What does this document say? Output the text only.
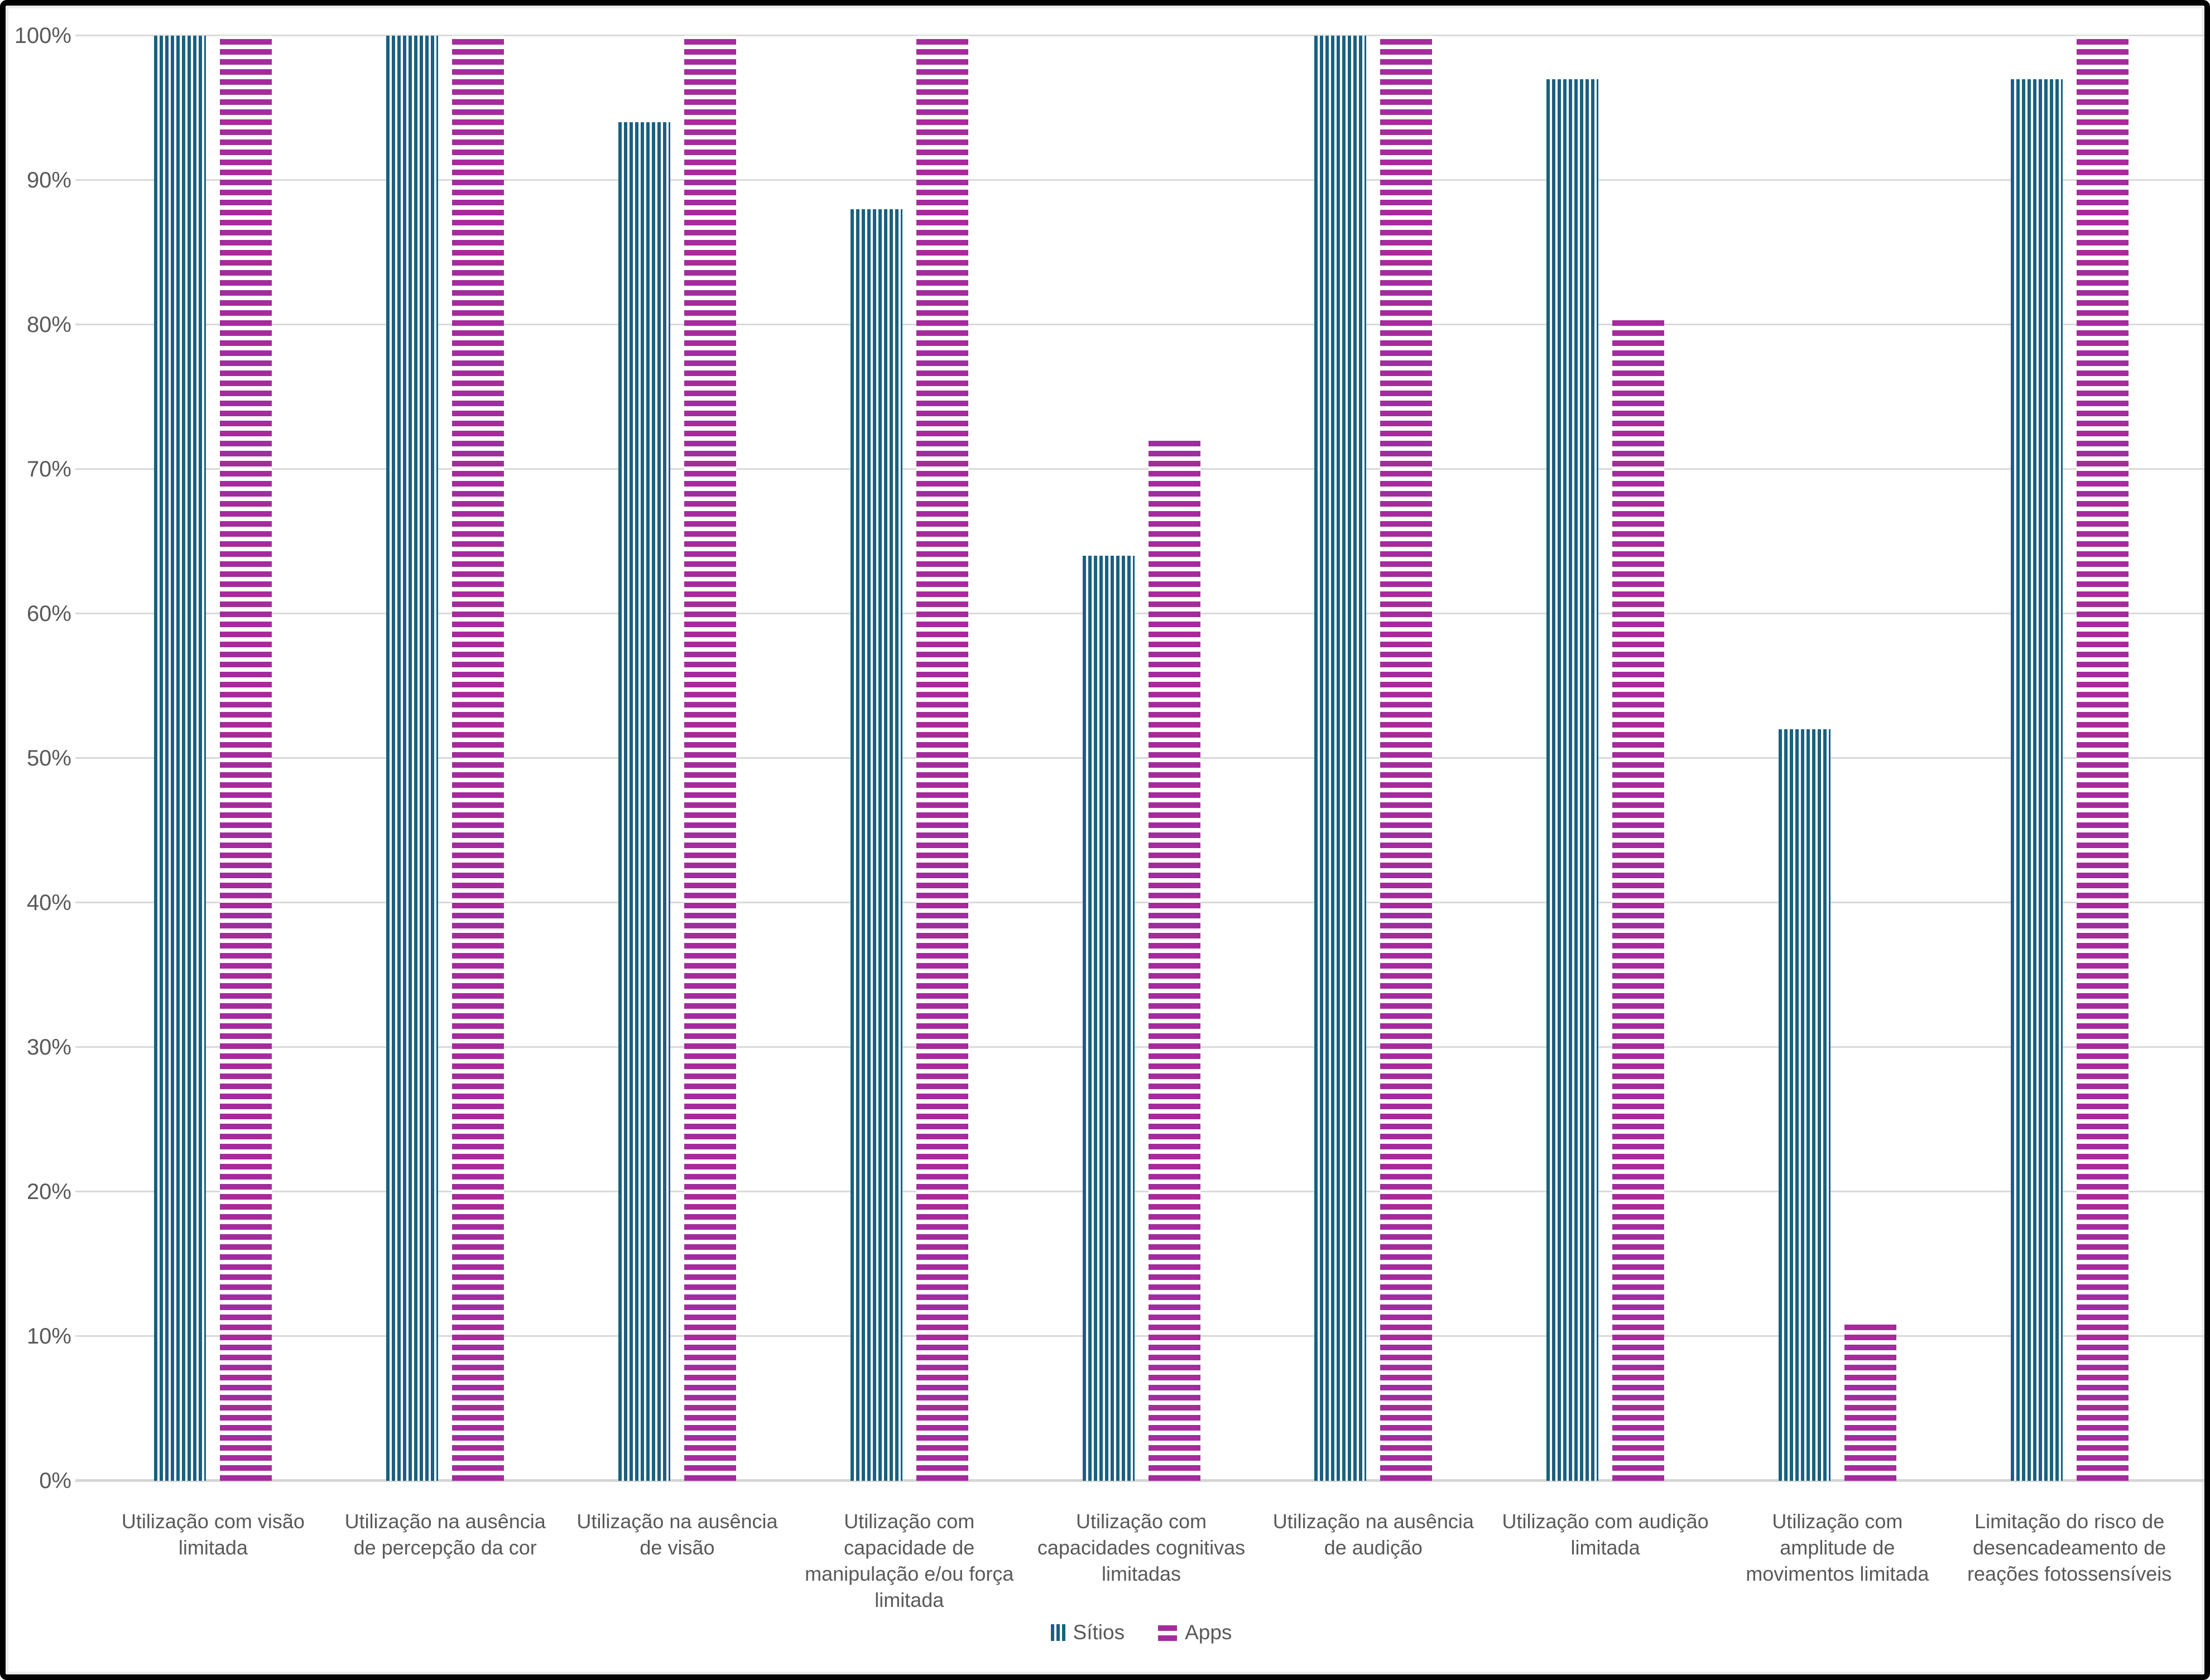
0%
10%
20%
30%
40%
50%
60%
70%
80%
90%
100%
Utilização com visão limitada
Utilização na ausência de percepção da cor
Utilização na ausência de visão
Utilização com capacidade de manipulação e/ou força limitada
Utilização com capacidades cognitivas limitadas
Utilização na ausência de audição
Utilização com audição limitada
Utilização com amplitude de movimentos limitada
Limitação do risco de desencadeamento de reações fotossensíveis
Sítios	Apps
